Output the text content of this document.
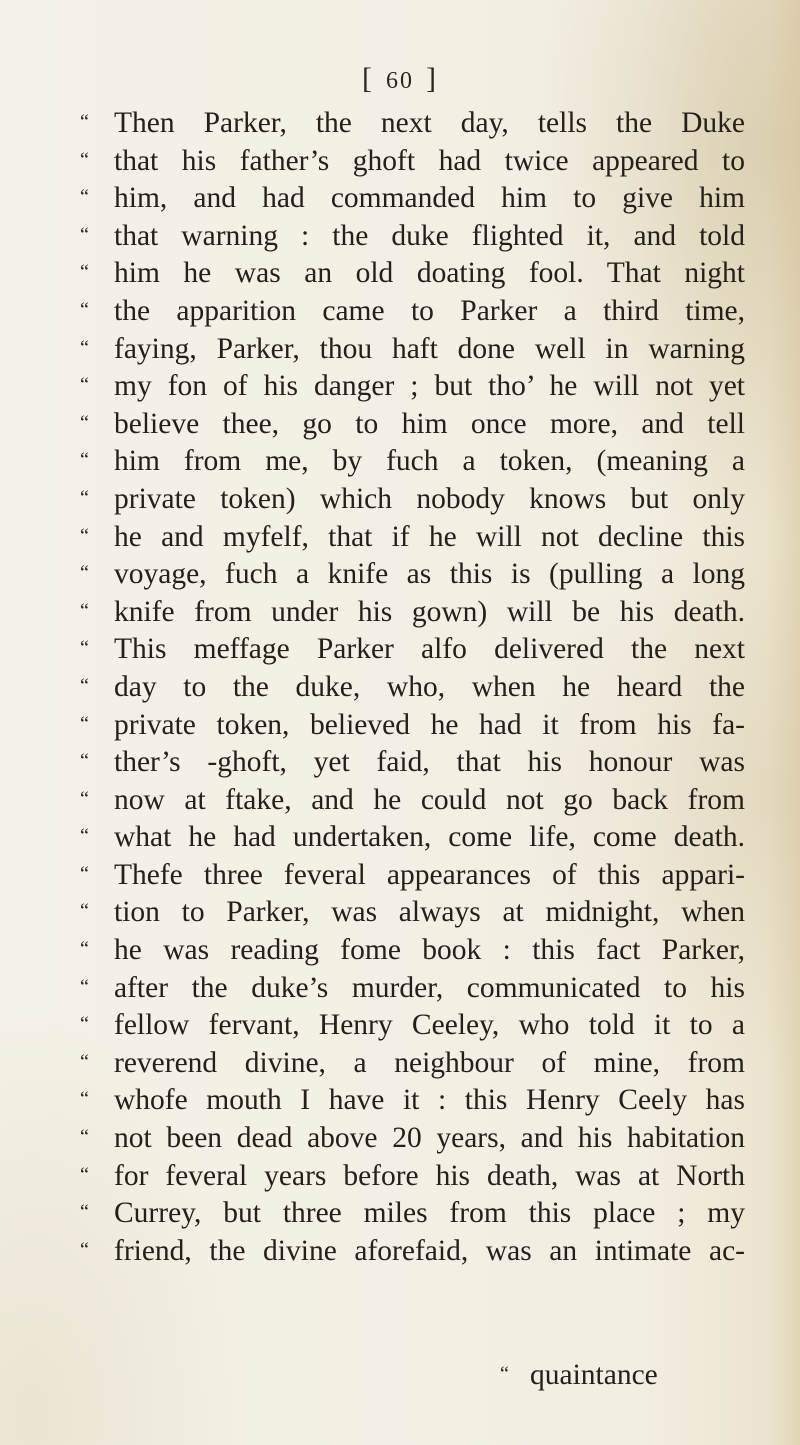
[ 60 ]
“ Then Parker, the next day, tells the Duke
“ that his father’s ghoft had twice appeared to
“ him, and had commanded him to give him
“ that warning : the duke flighted it, and told
“ him he was an old doating fool. That night
“ the apparition came to Parker a third time,
“ faying, Parker, thou haft done well in warning
“ my fon of his danger ; but tho’ he will not yet
“ believe thee, go to him once more, and tell
“ him from me, by fuch a token, (meaning a
“ private token) which nobody knows but only
“ he and myfelf, that if he will not decline this
“ voyage, fuch a knife as this is (pulling a long
“ knife from under his gown) will be his death.
“ This meffage Parker alfo delivered the next
“ day to the duke, who, when he heard the
“ private token, believed he had it from his fa-
“ ther’s -ghoft, yet faid, that his honour was
“ now at ftake, and he could not go back from
“ what he had undertaken, come life, come death.
“ Thefe three feveral appearances of this appari-
“ tion to Parker, was always at midnight, when
“ he was reading fome book : this fact Parker,
“ after the duke’s murder, communicated to his
“ fellow fervant, Henry Ceeley, who told it to a
“ reverend divine, a neighbour of mine, from
“ whofe mouth I have it : this Henry Ceely has
“ not been dead above 20 years, and his habitation
“ for feveral years before his death, was at North
“ Currey, but three miles from this place ; my
“ friend, the divine aforefaid, was an intimate ac-
“ quaintance
